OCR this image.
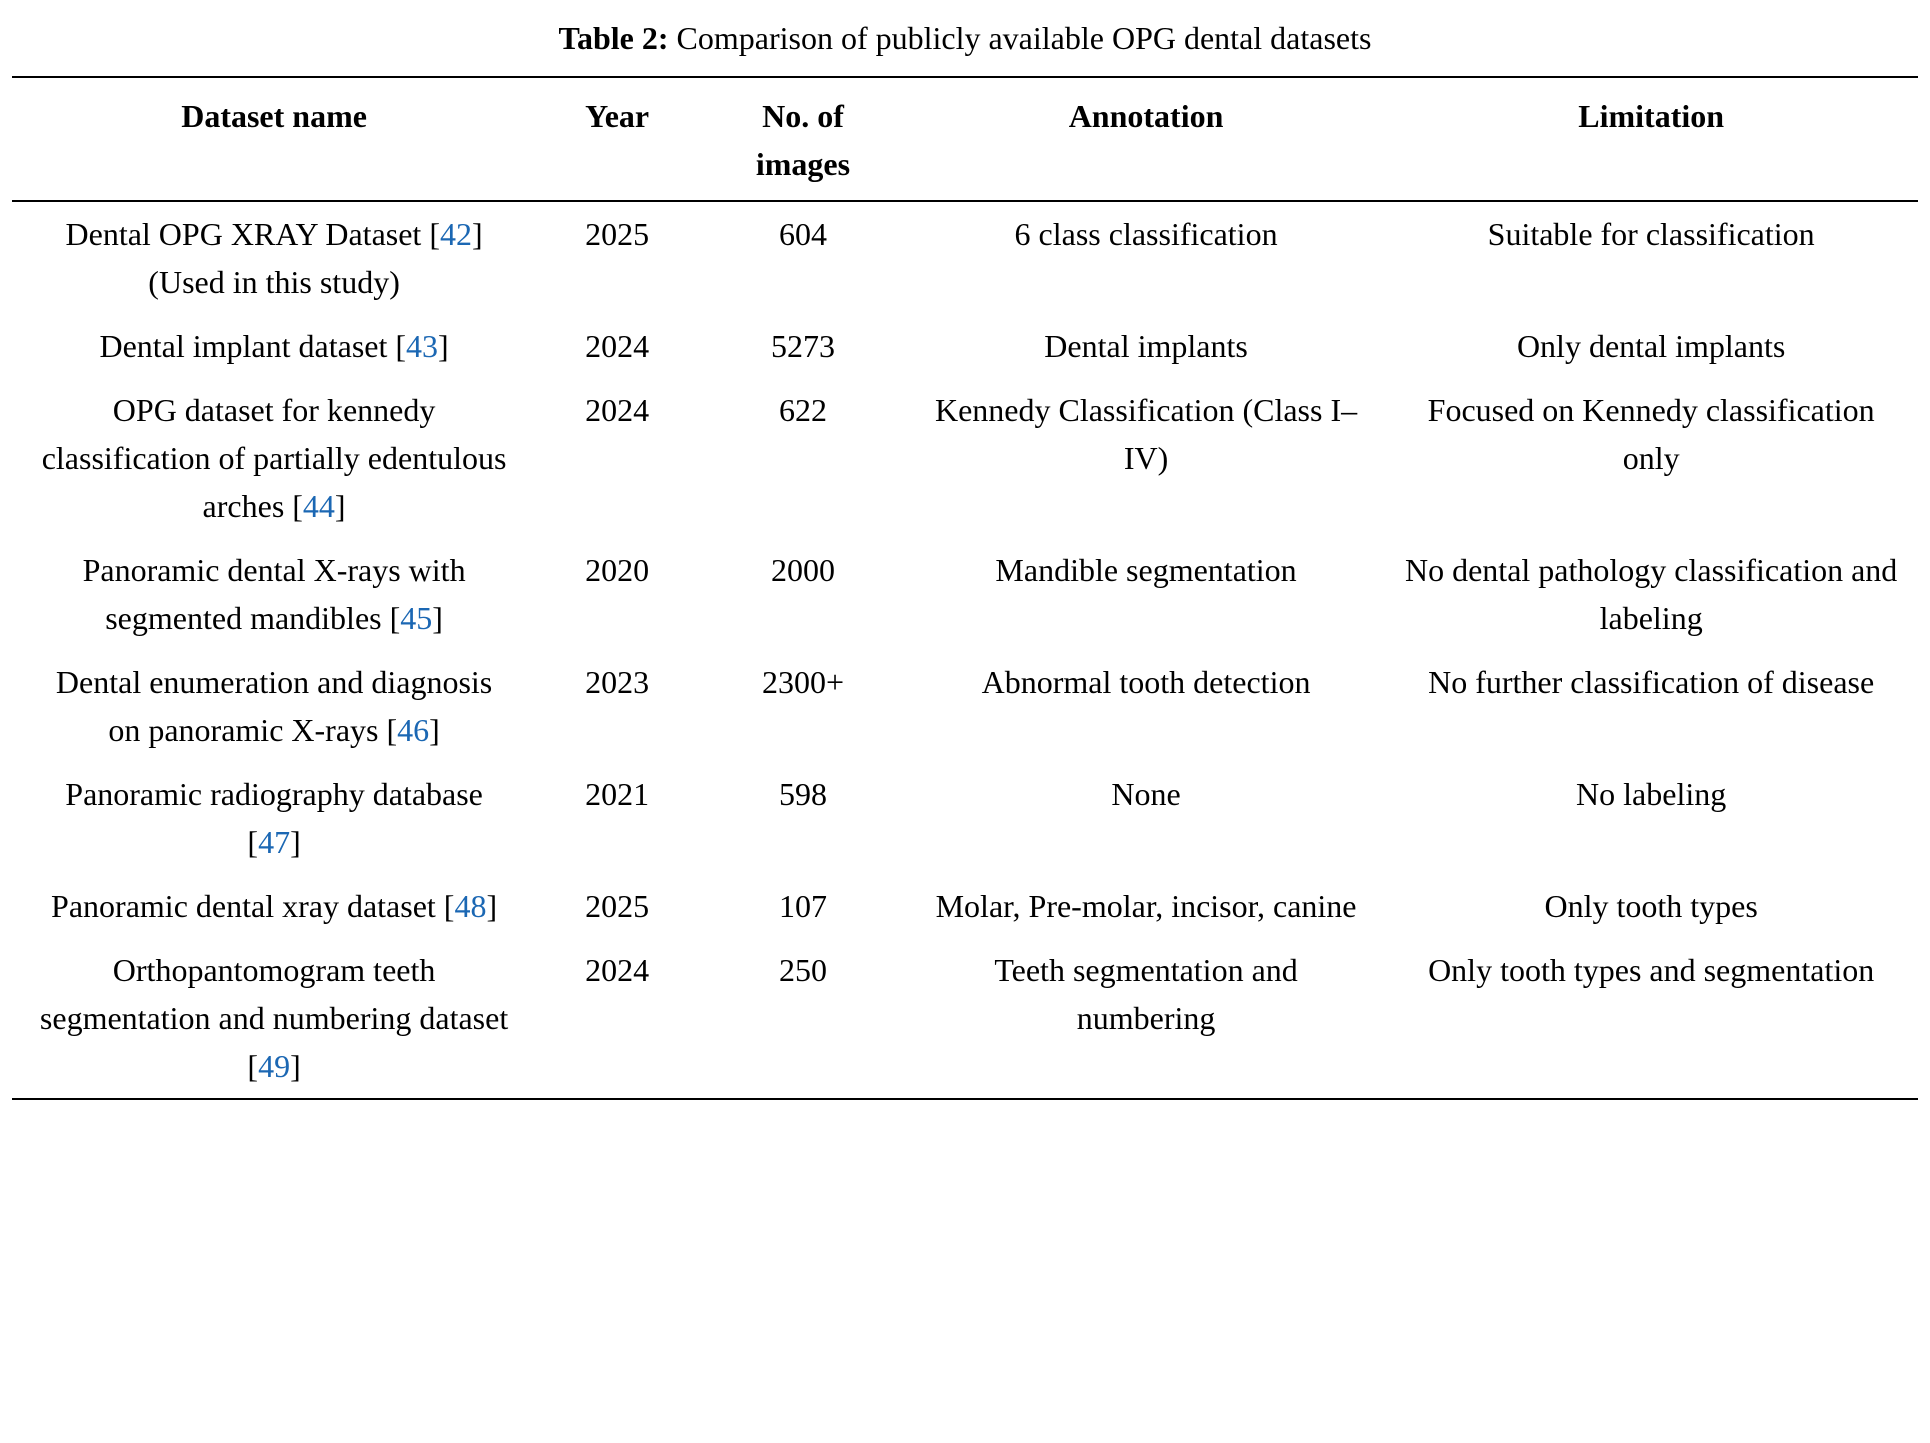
Table 2: Comparison of publicly available OPG dental datasets
Dataset name	Year	No. of images	Annotation	Limitation
Dental OPG XRAY Dataset [42] (Used in this study)	2025	604	6 class classification	Suitable for classification
Dental implant dataset [43]	2024	5273	Dental implants	Only dental implants
OPG dataset for kennedy classification of partially edentulous arches [44]	2024	622	Kennedy Classification (Class I–IV)	Focused on Kennedy classification only
Panoramic dental X-rays with segmented mandibles [45]	2020	2000	Mandible segmentation	No dental pathology classification and labeling
Dental enumeration and diagnosis on panoramic X-rays [46]	2023	2300+	Abnormal tooth detection	No further classification of disease
Panoramic radiography database [47]	2021	598	None	No labeling
Panoramic dental xray dataset [48]	2025	107	Molar, Pre-molar, incisor, canine	Only tooth types
Orthopantomogram teeth segmentation and numbering dataset [49]	2024	250	Teeth segmentation and numbering	Only tooth types and segmentation
